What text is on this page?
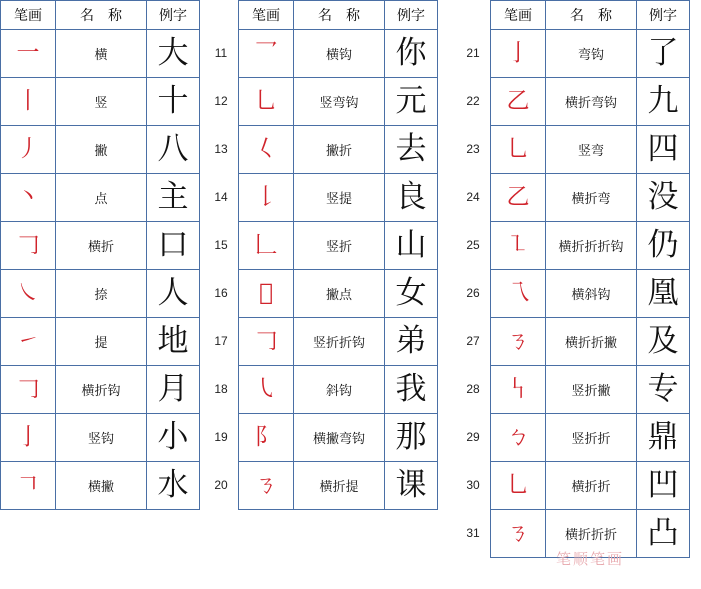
笔画	名　称	例字

一	横	大

丨	竖	十

丿	撇	八

丶	点	主

𠃌	横折	口

㇏	捺	人

㇀	提	地

𠃌	横折钩	月

亅	竖钩	小

𠃍	横撇	水
11
12
13
14
15
16
17
18
19
20
笔画	名　称	例字

乛	横钩	你

乚	竖弯钩	元

𡿨	撇折	去

𠄌	竖提	良

𠃊	竖折	山

𠄐	撇点	女

𠃌	竖折折钩	弟

㇂	斜钩	我

阝	横撇弯钩	那

ㄋ	横折提	课
21
22
23
24
25
26
27
28
29
30
31
笔画	名　称	例字

亅	弯钩	了

乙	横折弯钩	九

乚	竖弯	四

乙	横折弯	没

㇅	横折折折钩	仍

乁	横斜钩	凰

ㄋ	横折折撇	及

𠃑	竖折撇	专

ㄅ	竖折折	鼎

乚	横折折	凹

ㄋ	横折折折	凸
笔顺笔画
